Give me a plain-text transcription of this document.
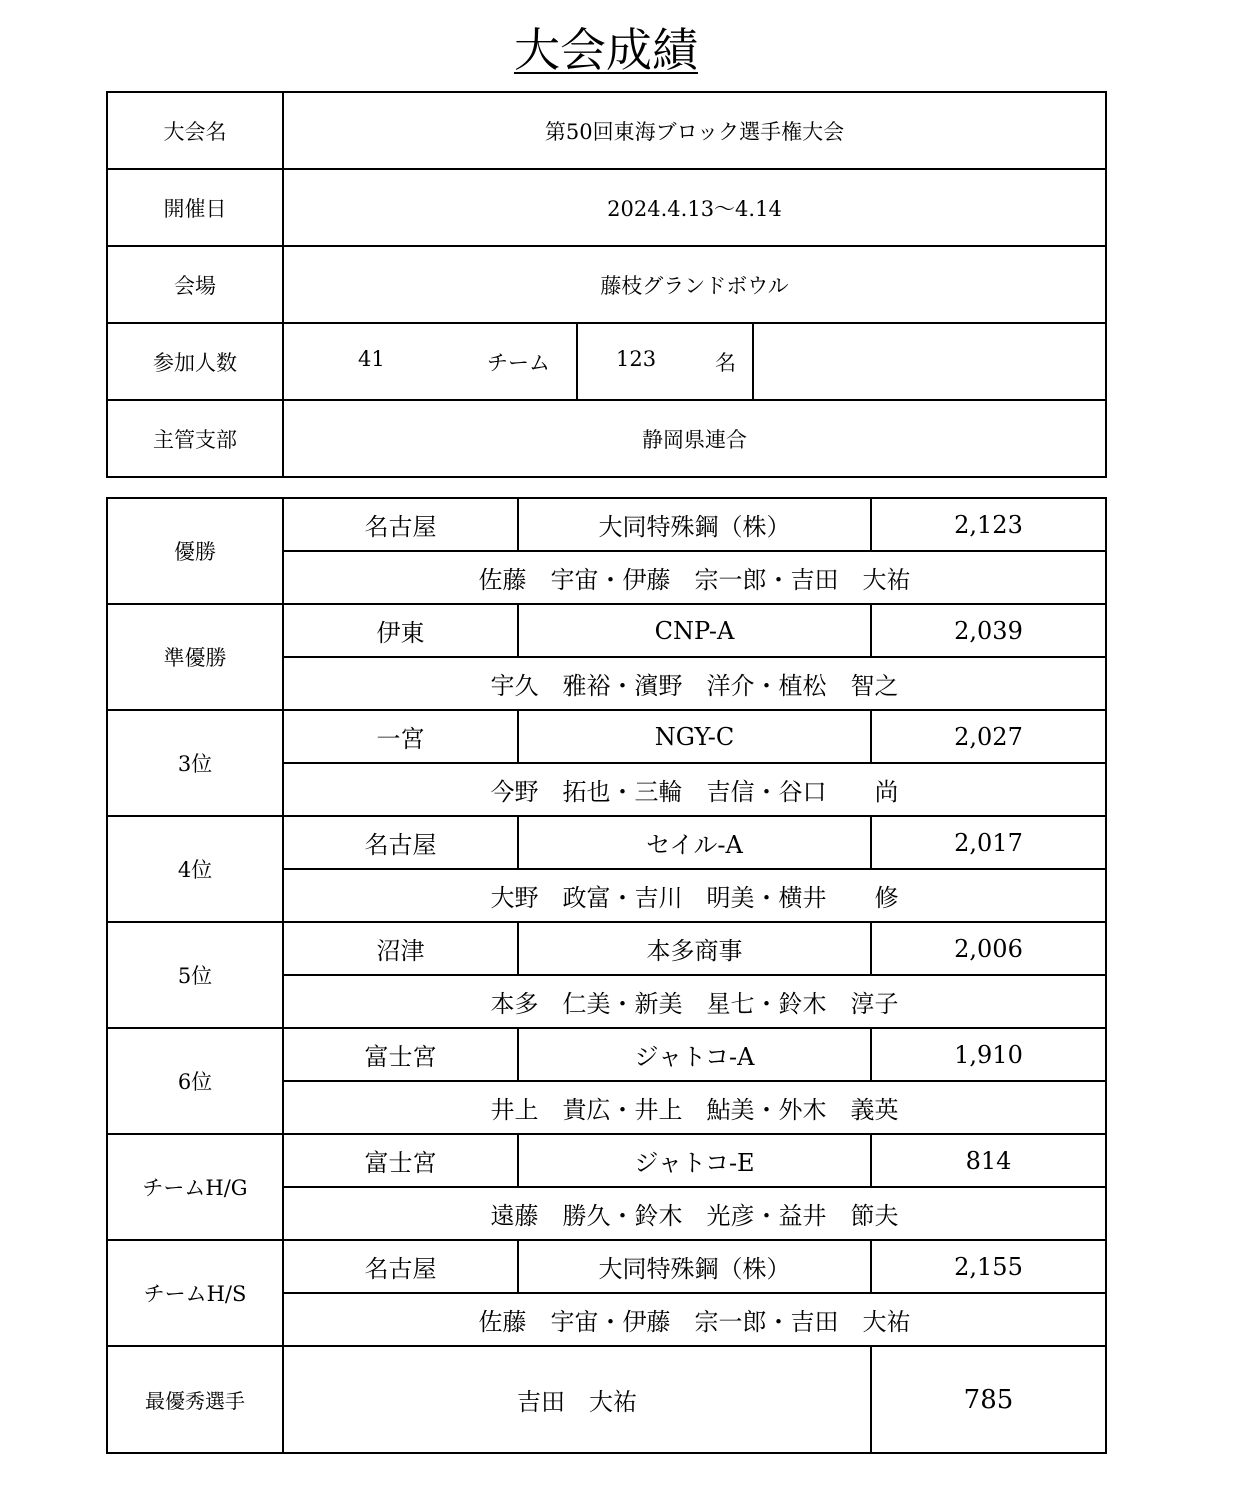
大会成績
大会名	第50回東海ブロック選手権大会		
開催日	2024.4.13～4.14		
会場	藤枝グランドボウル		
参加人数	41 チーム	123 名	

主管支部	静岡県連合		
優勝	名古屋	大同特殊鋼（株）	2,123
	佐藤　宇宙・伊藤　宗一郎・吉田　大祐		
準優勝	伊東	CNP-A	2,039
	宇久　雅裕・濱野　洋介・植松　智之		
3位	一宮	NGY-C	2,027
	今野　拓也・三輪　吉信・谷口　　尚		
4位	名古屋	セイル-A	2,017
	大野　政富・吉川　明美・横井　　修		
5位	沼津	本多商事	2,006
	本多　仁美・新美　星七・鈴木　淳子		
6位	富士宮	ジャトコ-A	1,910
	井上　貴広・井上　鮎美・外木　義英		
チームH/G	富士宮	ジャトコ-E	814
	遠藤　勝久・鈴木　光彦・益井　節夫		
チームH/S	名古屋	大同特殊鋼（株）	2,155
	佐藤　宇宙・伊藤　宗一郎・吉田　大祐		
最優秀選手	吉田　大祐		785
